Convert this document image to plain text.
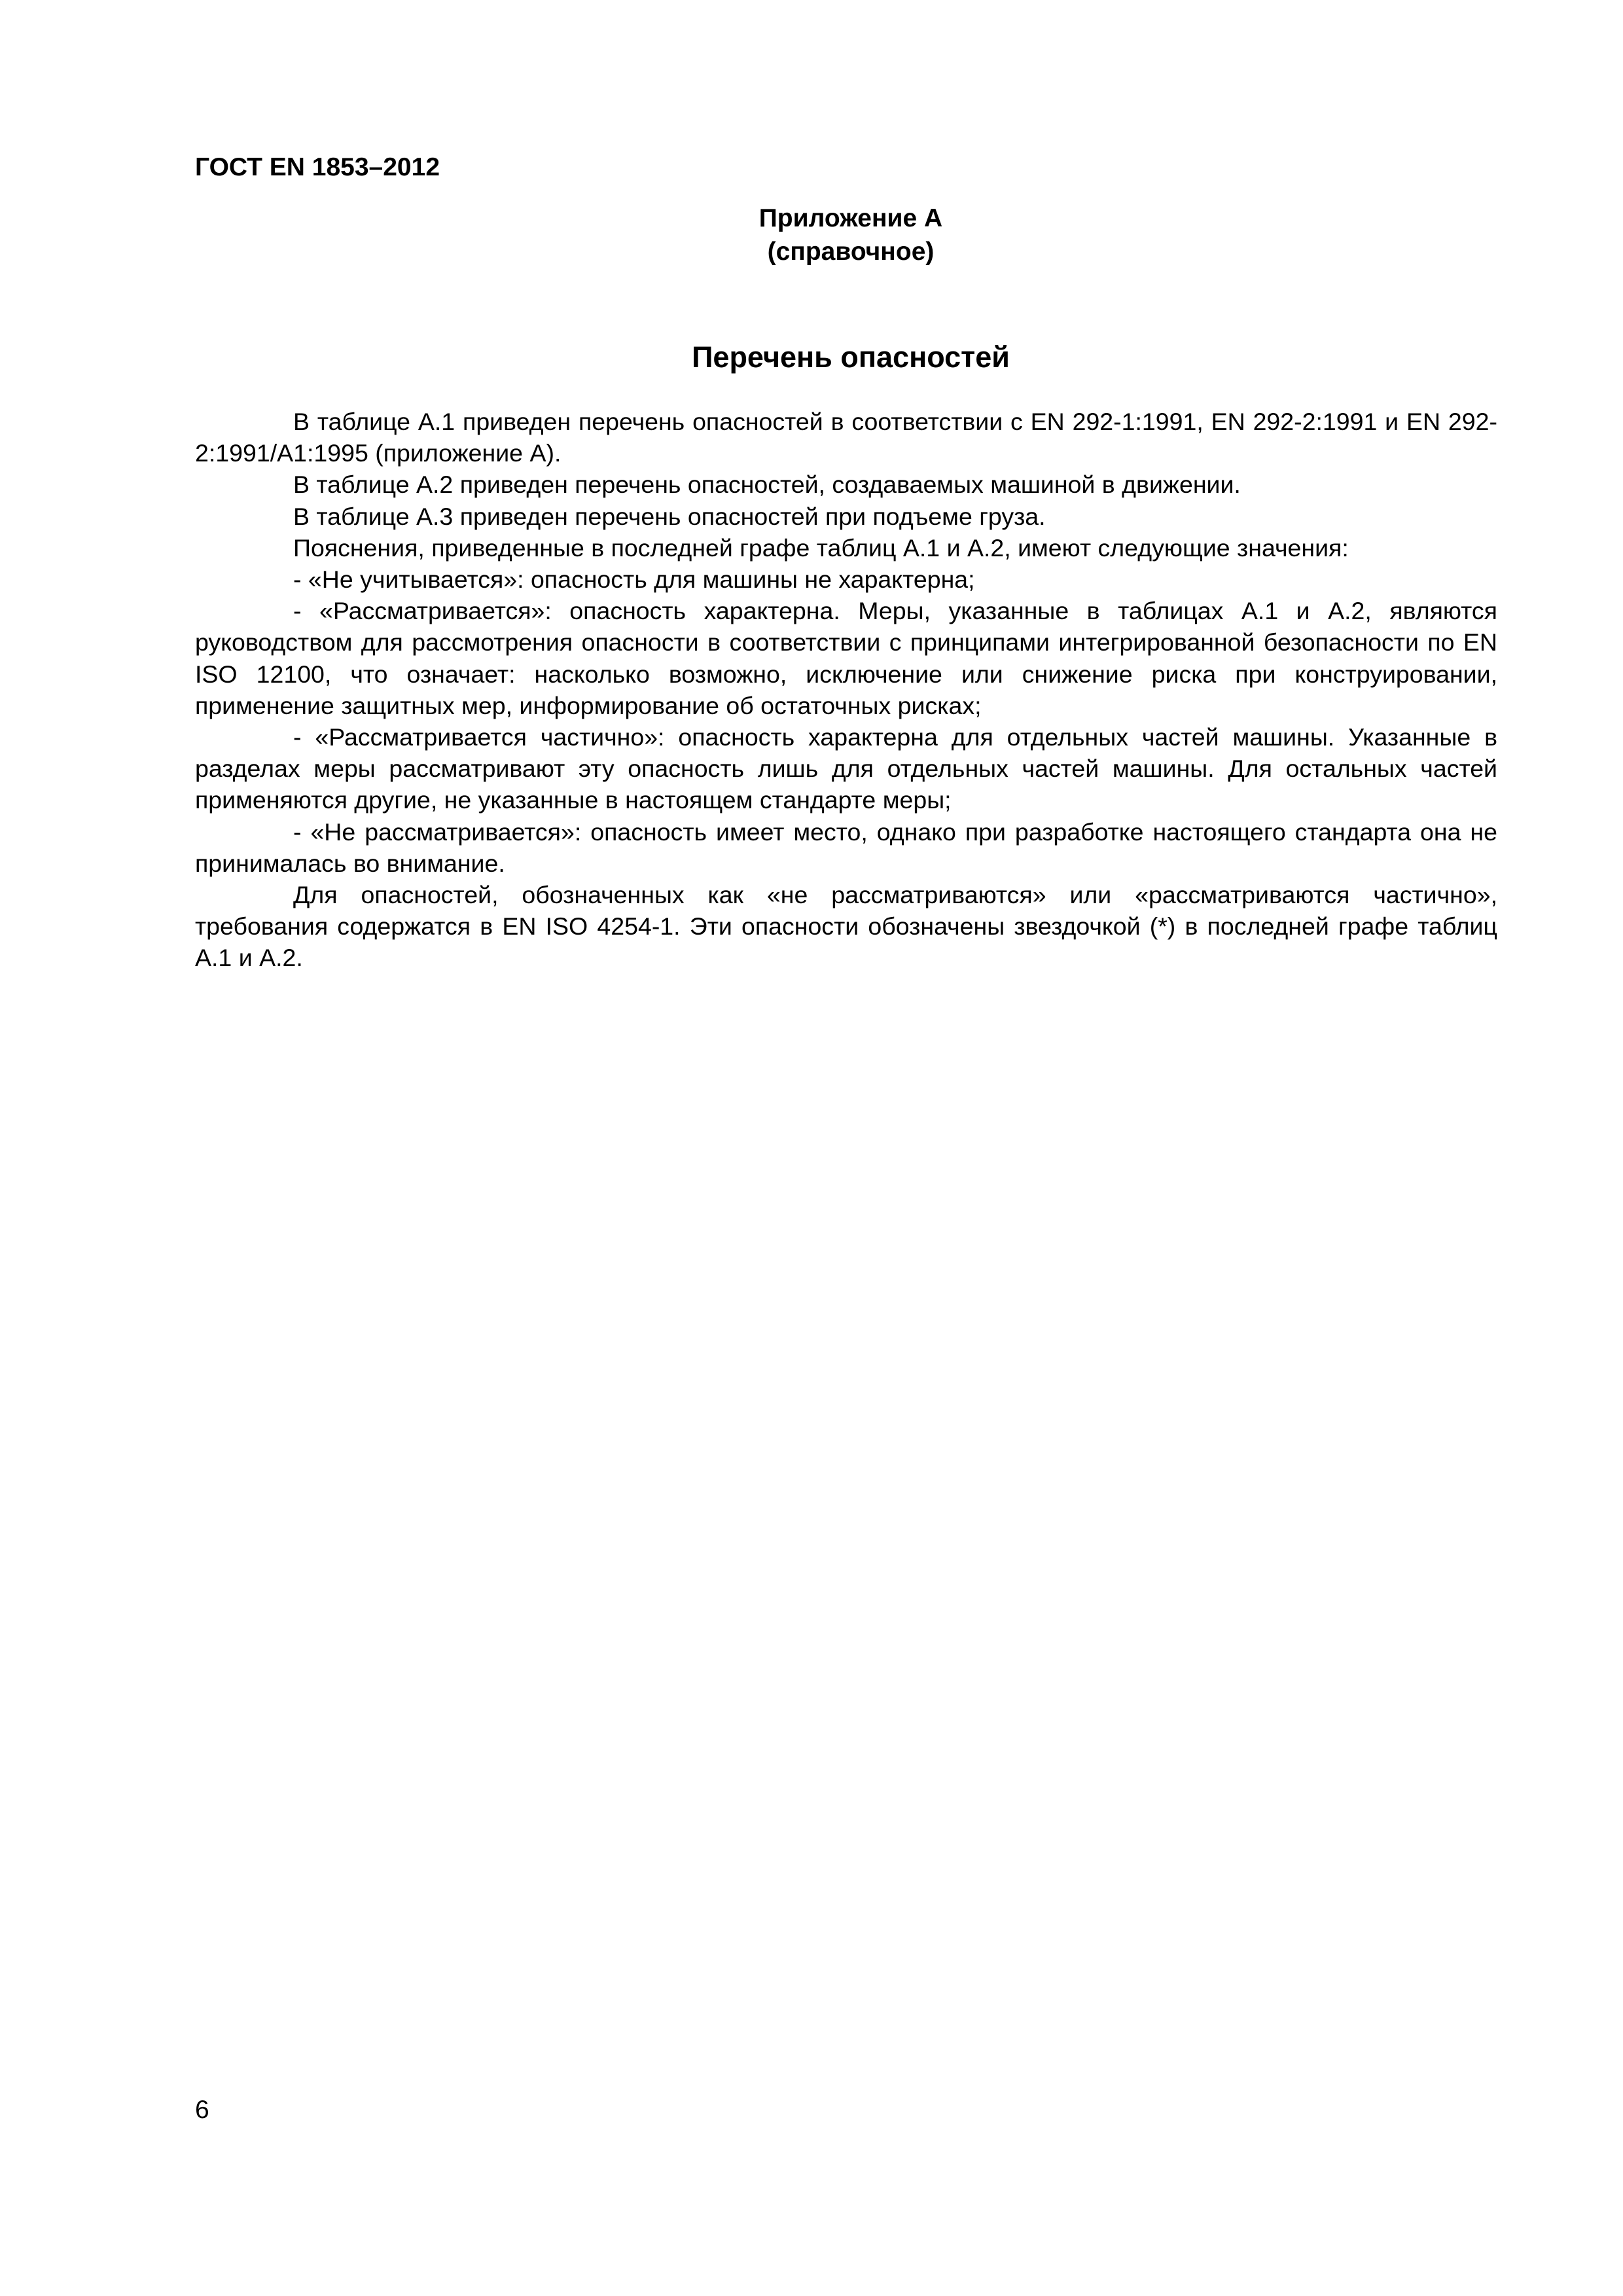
ГОСТ EN 1853–2012
Приложение А
(справочное)
Перечень опасностей

В таблице А.1 приведен перечень опасностей в соответствии с EN 292-1:1991, EN 292-2:1991 и EN 292-2:1991/A1:1995 (приложение А).

В таблице А.2 приведен перечень опасностей, создаваемых машиной в движении.

В таблице А.3 приведен перечень опасностей при подъеме груза.

Пояснения, приведенные в последней графе таблиц А.1 и А.2, имеют следующие значения:

- «Не учитывается»: опасность для машины не характерна;

- «Рассматривается»: опасность характерна. Меры, указанные в таблицах А.1 и А.2, являются руководством для рассмотрения опасности в соответствии с принципами интегрированной безопасности по EN ISO 12100, что означает: насколько возможно, исключение или снижение риска при конструировании, применение защитных мер, информирование об остаточных рисках;

- «Рассматривается частично»: опасность характерна для отдельных частей машины. Указанные в разделах меры рассматривают эту опасность лишь для отдельных частей машины. Для остальных частей применяются другие, не указанные в настоящем стандарте меры;

- «Не рассматривается»: опасность имеет место, однако при разработке настоящего стандарта она не принималась во внимание.

Для опасностей, обозначенных как «не рассматриваются» или «рассматриваются частично», требования содержатся в EN ISO 4254-1. Эти опасности обозначены звездочкой (*) в последней графе таблиц А.1 и А.2.

6
